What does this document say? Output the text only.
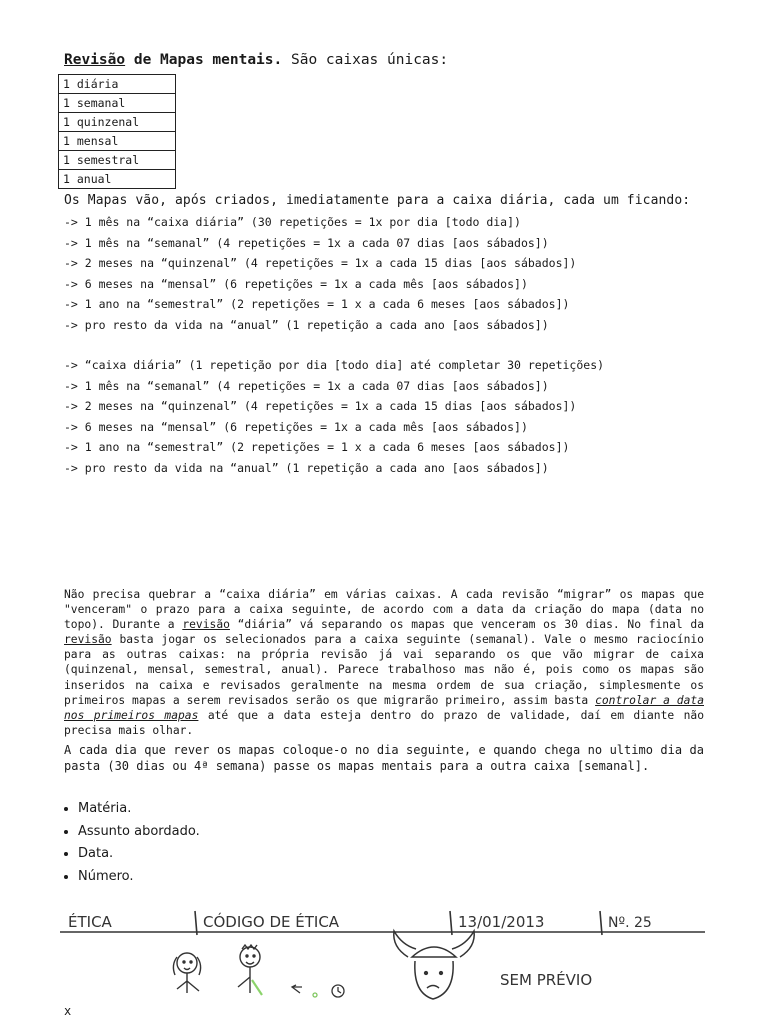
Revisão de Mapas mentais. São caixas únicas:
1 diária
1 semanal
1 quinzenal
1 mensal
1 semestral
1 anual
Os Mapas vão, após criados, imediatamente para a caixa diária, cada um ficando:
-> 1 mês na “caixa diária” (30 repetições = 1x por dia [todo dia])
-> 1 mês na “semanal” (4 repetições = 1x a cada 07 dias [aos sábados])
-> 2 meses na “quinzenal” (4 repetições = 1x a cada 15 dias [aos sábados])
-> 6 meses na “mensal” (6 repetições = 1x a cada mês [aos sábados])
-> 1 ano na “semestral” (2 repetições = 1 x a cada 6 meses [aos sábados])
-> pro resto da vida na “anual” (1 repetição a cada ano [aos sábados])
-> “caixa diária” (1 repetição por dia [todo dia] até completar 30 repetições)
-> 1 mês na “semanal” (4 repetições = 1x a cada 07 dias [aos sábados])
-> 2 meses na “quinzenal” (4 repetições = 1x a cada 15 dias [aos sábados])
-> 6 meses na “mensal” (6 repetições = 1x a cada mês [aos sábados])
-> 1 ano na “semestral” (2 repetições = 1 x a cada 6 meses [aos sábados])
-> pro resto da vida na “anual” (1 repetição a cada ano [aos sábados])
Não precisa quebrar a “caixa diária” em várias caixas. A cada revisão “migrar” os mapas que "venceram" o prazo para a caixa seguinte, de acordo com a data da criação do mapa (data no topo). Durante a revisão “diária” vá separando os mapas que venceram os 30 dias. No final da revisão basta jogar os selecionados para a caixa seguinte (semanal). Vale o mesmo raciocínio para as outras caixas: na própria revisão já vai separando os que vão migrar de caixa (quinzenal, mensal, semestral, anual). Parece trabalhoso mas não é, pois como os mapas são inseridos na caixa e revisados geralmente na mesma ordem de sua criação, simplesmente os primeiros mapas a serem revisados serão os que migrarão primeiro, assim basta controlar a data nos primeiros mapas até que a data esteja dentro do prazo de validade, daí em diante não precisa mais olhar.
A cada dia que rever os mapas coloque-o no dia seguinte, e quando chega no ultimo dia da pasta (30 dias ou 4ª semana) passe os mapas mentais para a outra caixa [semanal].
• Matéria.
• Assunto abordado.
• Data.
• Número.
ÉTICA	CÓDIGO DE ÉTICA	13/01/2013	Nº. 25
SEM PRÉVIO
x
